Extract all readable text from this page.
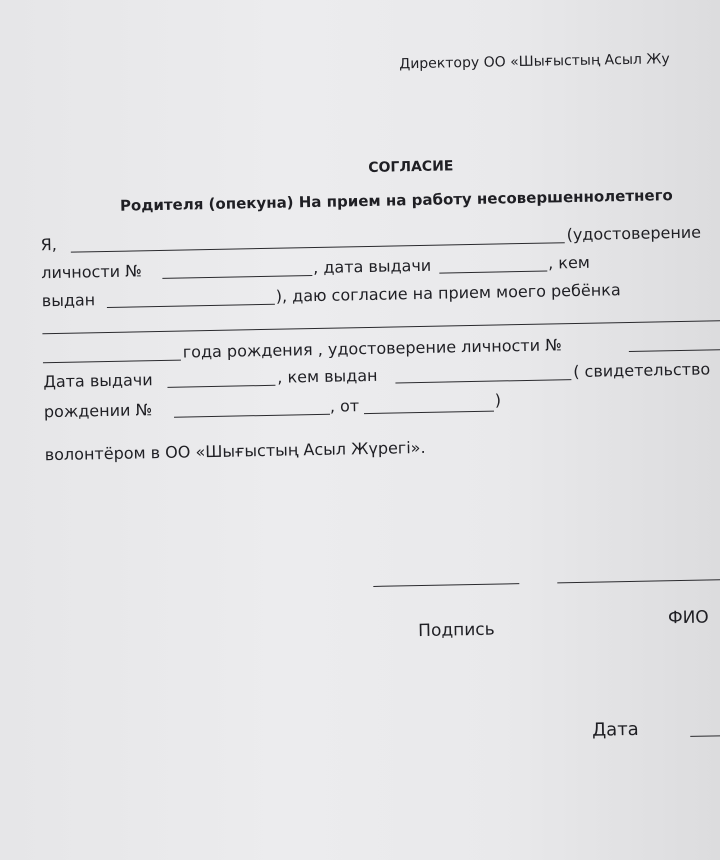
Директору ОО «Шығыстың Асыл Жу
СОГЛАСИЕ
Родителя (опекуна) На прием на работу несовершеннолетнего
Я,
(удостоверение
личности №	, дата выдачи	, кем
выдан	), даю согласие на прием моего ребёнка
года рождения , удостоверение личности №
Дата выдачи	, кем выдан	( свидетельство
рождении №	, от	)
волонтёром в ОО «Шығыстың Асыл Жүрегі».
Подпись
ФИО
Дата
